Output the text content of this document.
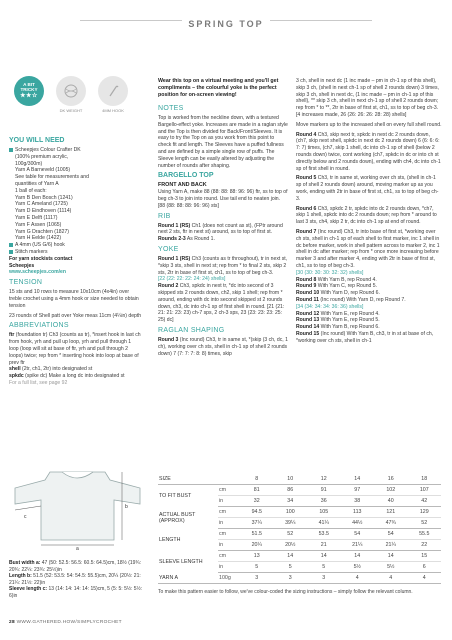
SPRING TOP
A BIT
TRICKY
★★☆
DK WEIGHT	4MM HOOK
YOU WILL NEED
Scheepjes Colour Crafter DK
(100% premium acrylic,
100g/300m)
Yarn A Barneveld (1005)
See table for measurements and
quantities of Yarn A
1 ball of each:
Yarn B Den Bosch (1241)
Yarn C Ameland (1725)
Yarn D Eindhoven (1114)
Yarn E Delft (1117)
Yarn F Assen (1065)
Yarn G Drachten (1827)
Yarn H Eelde (1422)
A 4mm (US G/6) hook
Stitch markers
For yarn stockists contact
Scheepjes
www.scheepjes.com/en
TENSION
15 sts and 10 rows to measure 10x10cm (4x4in) over treble crochet using a 4mm hook or size needed to obtain tension
23 rounds of Shell patt over Yoke meas 11cm (4¼in) depth
ABBREVIATIONS
ftr (foundation tr) Ch3 (counts as tr), *insert hook in last ch from hook, yrh and pull up loop, yrh and pull through 1 loop (loop will sit at base of ftr, yrh and pull through 2 loops) twice; rep from * inserting hook into loop at base of prev ftr
shell (2tr, ch1, 2tr) into designated st
spkdc (spike dc) Make a long dc into designated st
For a full list, see page 92
a
b
c
Bust width a: 47 (50: 52.5: 56.5: 60.5: 64.5)cm, 18½ (19¾: 20¾: 22¼: 23¾: 25½)in
Length b: 51.5 (52: 53.5: 54: 54.5: 55.5)cm, 20¼ (20½: 21: 21¼: 21½: 22)in
Sleeve length c: 13 (14: 14: 14: 14: 15)cm, 5 (5: 5: 5½: 5½: 6)in
Wear this top on a virtual meeting and you'll get compliments – the colourful yoke is the perfect position for on-screen viewing!
NOTES
Top is worked from the neckline down, with a textured Bargello-effect yoke. Increases are made in a raglan style and the Top is then divided for Back/Front/Sleeves. It is easy to try the Top on as you work from this point to check fit and length. The Sleeves have a puffed fullness and are defined by a simple single row of puffs. The Sleeve length can be easily altered by adjusting the number of rounds after shaping.
BARGELLO TOP
FRONT AND BACK
Using Yarn A, make 88 (88: 88: 88: 96: 96) ftr, ss to top of beg ch-3 to join into round. Use tail end to neaten join. [88 (88: 88: 88: 96: 96) sts]
RIB
Round 1 (RS) Ch1 (does not count as st), (FPtr around next 2 sts, ftr in next st) around, ss to top of first st.
Rounds 2-3 As Round 1.
YOKE
Round 1 (RS) Ch3 (counts as tr throughout), tr in next st, *skip 3 sts, shell in next st; rep from * to final 2 sts, skip 2 sts, 2tr in base of first st, ch1, ss to top of beg ch-3.
[22 (22: 22: 22: 24: 24) shells]
Round 2 Ch3, spkdc in next tr, *dc into second of 3 skipped sts 2 rounds down, ch2, skip 1 shell; rep from * around, ending with dc into second skipped st 2 rounds down, ch3, dc into ch-1 sp of first shell in round. [21 (21: 21: 21: 23: 23) ch-7 sps, 2 ch-3 sps, 23 (23: 23: 23: 25: 25) dc]
RAGLAN SHAPING
Round 3 (Inc round) Ch3, tr in same st, *(skip (3 ch, dc, 1 ch), working over ch sts, shell in ch-1 sp of shell 2 rounds down) 7 (7: 7: 7: 8: 8) times, skip
3 ch, shell in next dc (1 inc made – pm in ch-1 sp of this shell), skip 3 ch, (shell in next ch-1 sp of shell 2 rounds down) 3 times, skip 3 ch, shell in next dc, (1 inc made – pm in ch-1 sp of this shell), ** skip 3 ch, shell in next ch-1 sp of shell 2 rounds down; rep from * to **, 2tr in base of first st, ch1, ss to top of beg ch-3. [4 increases made, 26 (26: 26: 26: 28: 28) shells]
Move markers up to the increased shell on every full shell round.
Round 4 Ch3, skip next tr, spkdc in next dc 2 rounds down, (ch7, skip next shell, spkdc in next dc 2 rounds down) 6 (6: 6: 6: 7: 7) times, (ch7, skip 1 shell, dc into ch-1 sp of shell (below 2 rounds down) twice, cont working (ch7, spkdc in dc or into ch st directly below and 2 rounds down), ending with ch4, dc into ch-1 sp of first shell in round.
Round 5 Ch3, tr in same st, working over ch sts, (shell in ch-1 sp of shell 2 rounds down) around, moving marker up as you work, ending with 2tr in base of first st, ch1, ss to top of beg ch-3.
Round 6 Ch3, spkdc 2 tr, spkdc into dc 2 rounds down, *ch7, skip 1 shell, spkdc into dc 2 rounds down; rep from * around to last 3 sts, ch4, skip 2 tr, dc into ch-1 sp at end of round.
Round 7 (Inc round) Ch3, tr into base of first st, *working over ch sts, shell in ch-1 sp of each shell to first marker, inc 1 shell in dc before marker, work in shell pattern across to marker 2, inc 1 shell in dc after marker; rep from * once more increasing before marker 3 and after marker 4, ending with 2tr in base of first st, ch1, ss to top of beg ch-3.
[30 (30: 30: 30: 32: 32) shells]
Round 8 With Yarn B, rep Round 4.
Round 9 With Yarn C, rep Round 5.
Round 10 With Yarn D, rep Round 6.
Round 11 (Inc round) With Yarn D, rep Round 7.
[34 (34: 34: 34: 36: 36) shells]
Round 12 With Yarn E, rep Round 4.
Round 13 With Yarn E, rep Round 5.
Round 14 With Yarn B, rep Round 6.
Round 15 (Inc round) With Yarn B, ch3, tr in st at base of ch, *working over ch sts, shell in ch-1
SIZE		8	10	12	14	16	18
TO FIT BUST	cm	81	86	91	97	102	107
	in	32	34	36	38	40	42
ACTUAL BUST (APPROX)	cm	94.5	100	105	113	121	129
	in	37¼	39¼	41¼	44½	47¾	52
LENGTH	cm	51.5	52	53.5	54	54	55.5
	in	20¼	20½	21	21¼	21¼	22
SLEEVE LENGTH	cm	13	14	14	14	14	15
	in	5	5	5	5½	5½	6
YARN A	100g	3	3	3	4	4	4
To make this pattern easier to follow, we've colour-coded the sizing instructions – simply follow the relevant column.
28 WWW.GATHERED.HOW/SIMPLYCROCHET
